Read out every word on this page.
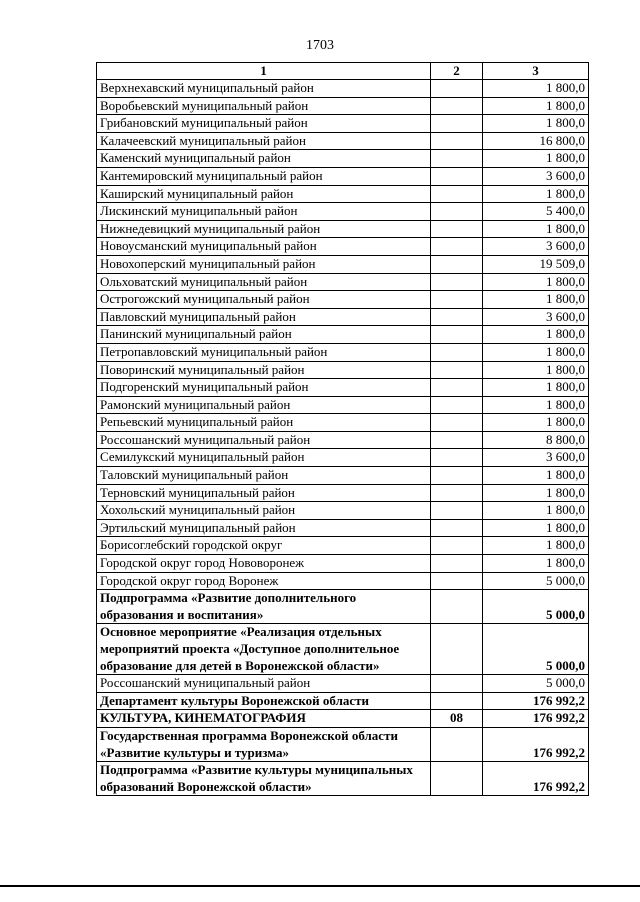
1703
1	2	3
Верхнехавский муниципальный район		1 800,0
Воробьевский муниципальный район		1 800,0
Грибановский муниципальный район		1 800,0
Калачеевский муниципальный район		16 800,0
Каменский муниципальный район		1 800,0
Кантемировский муниципальный район		3 600,0
Каширский муниципальный район		1 800,0
Лискинский муниципальный район		5 400,0
Нижнедевицкий муниципальный район		1 800,0
Новоусманский муниципальный район		3 600,0
Новохоперский муниципальный район		19 509,0
Ольховатский муниципальный район		1 800,0
Острогожский муниципальный район		1 800,0
Павловский муниципальный район		3 600,0
Панинский муниципальный район		1 800,0
Петропавловский муниципальный район		1 800,0
Поворинский муниципальный район		1 800,0
Подгоренский муниципальный район		1 800,0
Рамонский муниципальный район		1 800,0
Репьевский муниципальный район		1 800,0
Россошанский муниципальный район		8 800,0
Семилукский муниципальный район		3 600,0
Таловский муниципальный район		1 800,0
Терновский муниципальный район		1 800,0
Хохольский муниципальный район		1 800,0
Эртильский муниципальный район		1 800,0
Борисоглебский городской округ		1 800,0
Городской округ город Нововоронеж		1 800,0
Городской округ город Воронеж		5 000,0
Подпрограмма «Развитие дополнительного образования и воспитания»		5 000,0
Основное мероприятие «Реализация отдельных мероприятий проекта «Доступное дополнительное образование для детей в Воронежской области»		5 000,0
Россошанский муниципальный район		5 000,0
Департамент культуры Воронежской области		176 992,2
КУЛЬТУРА, КИНЕМАТОГРАФИЯ	08	176 992,2
Государственная программа Воронежской области «Развитие культуры и туризма»		176 992,2
Подпрограмма «Развитие культуры муниципальных образований Воронежской области»		176 992,2
